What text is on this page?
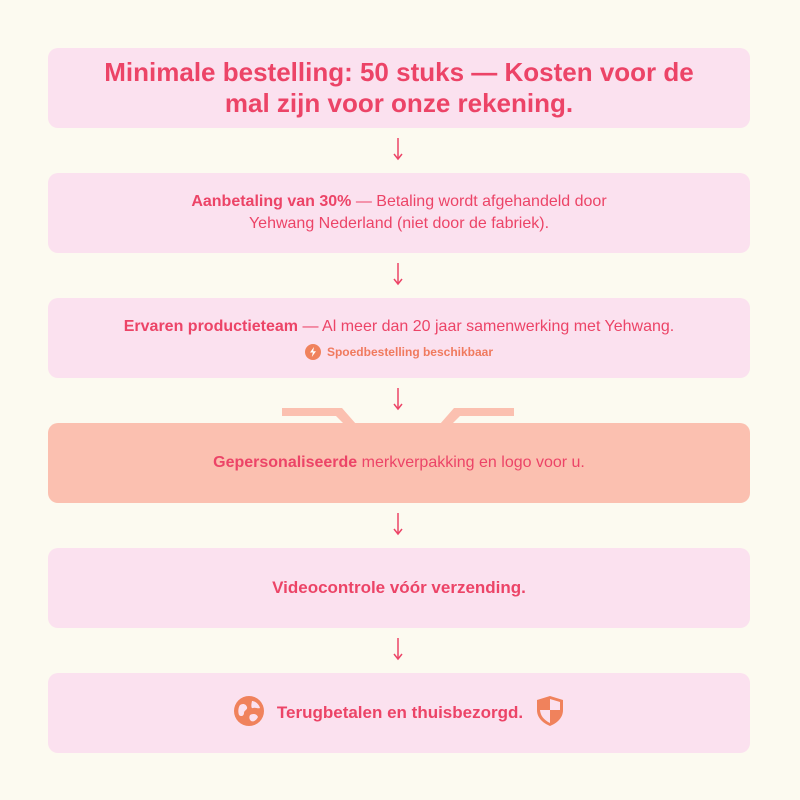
Minimale bestelling: 50 stuks — Kosten voor de mal zijn voor onze rekening.
Aanbetaling van 30% — Betaling wordt afgehandeld door Yehwang Nederland (niet door de fabriek).
Ervaren productieteam — Al meer dan 20 jaar samenwerking met Yehwang.
Spoedbestelling beschikbaar
Gepersonaliseerde merkverpakking en logo voor u.
Videocontrole vóór verzending.
Terugbetalen en thuisbezorgd.
